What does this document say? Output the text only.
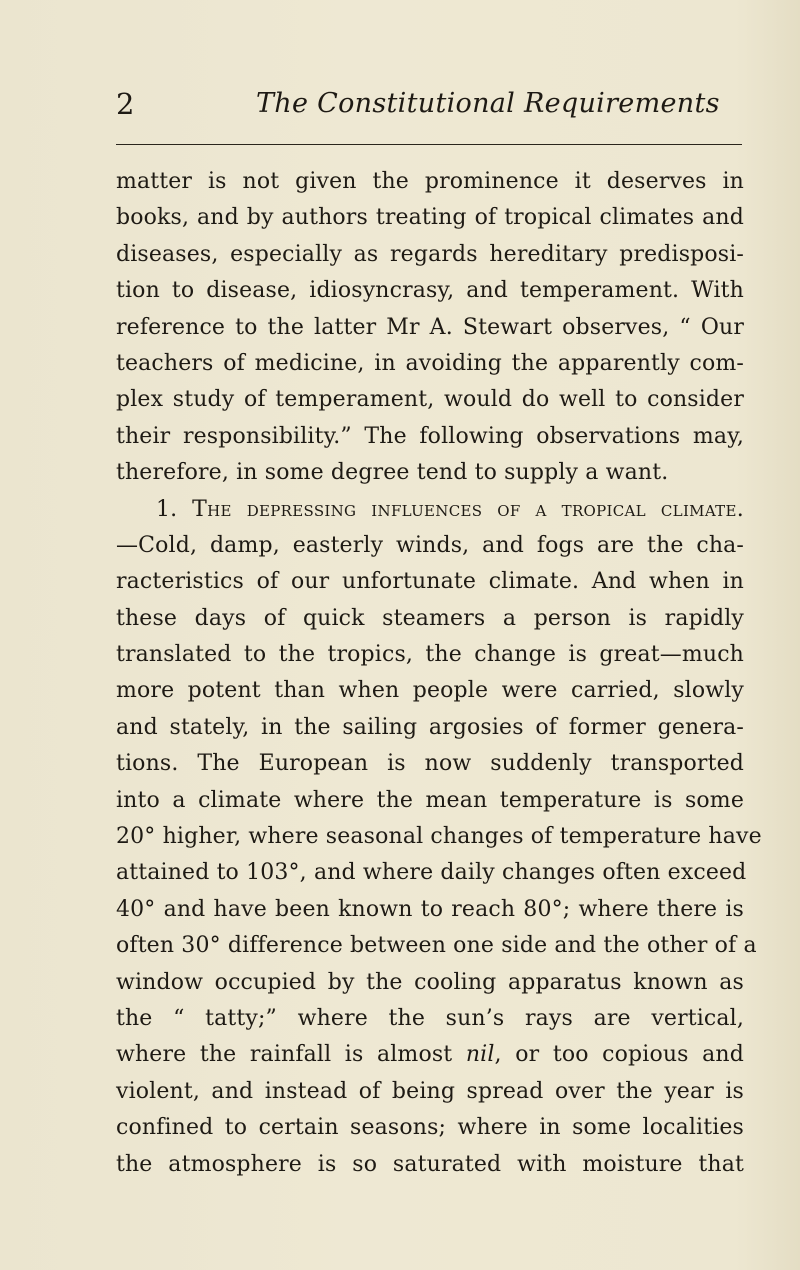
2	The Constitutional Requirements
matter is not given the prominence it deserves in
books, and by authors treating of tropical climates and
diseases, especially as regards hereditary predisposi-
tion to disease, idiosyncrasy, and temperament. With
reference to the latter Mr A. Stewart observes, “ Our
teachers of medicine, in avoiding the apparently com-
plex study of temperament, would do well to consider
their responsibility.” The following observations may,
therefore, in some degree tend to supply a want.
1. The depressing influences of a tropical climate.
—Cold, damp, easterly winds, and fogs are the cha-
racteristics of our unfortunate climate. And when in
these days of quick steamers a person is rapidly
translated to the tropics, the change is great—much
more potent than when people were carried, slowly
and stately, in the sailing argosies of former genera-
tions. The European is now suddenly transported
into a climate where the mean temperature is some
20° higher, where seasonal changes of temperature have
attained to 103°, and where daily changes often exceed
40° and have been known to reach 80°; where there is
often 30° difference between one side and the other of a
window occupied by the cooling apparatus known as
the “ tatty;” where the sun’s rays are vertical,
where the rainfall is almost nil, or too copious and
violent, and instead of being spread over the year is
confined to certain seasons; where in some localities
the atmosphere is so saturated with moisture that
